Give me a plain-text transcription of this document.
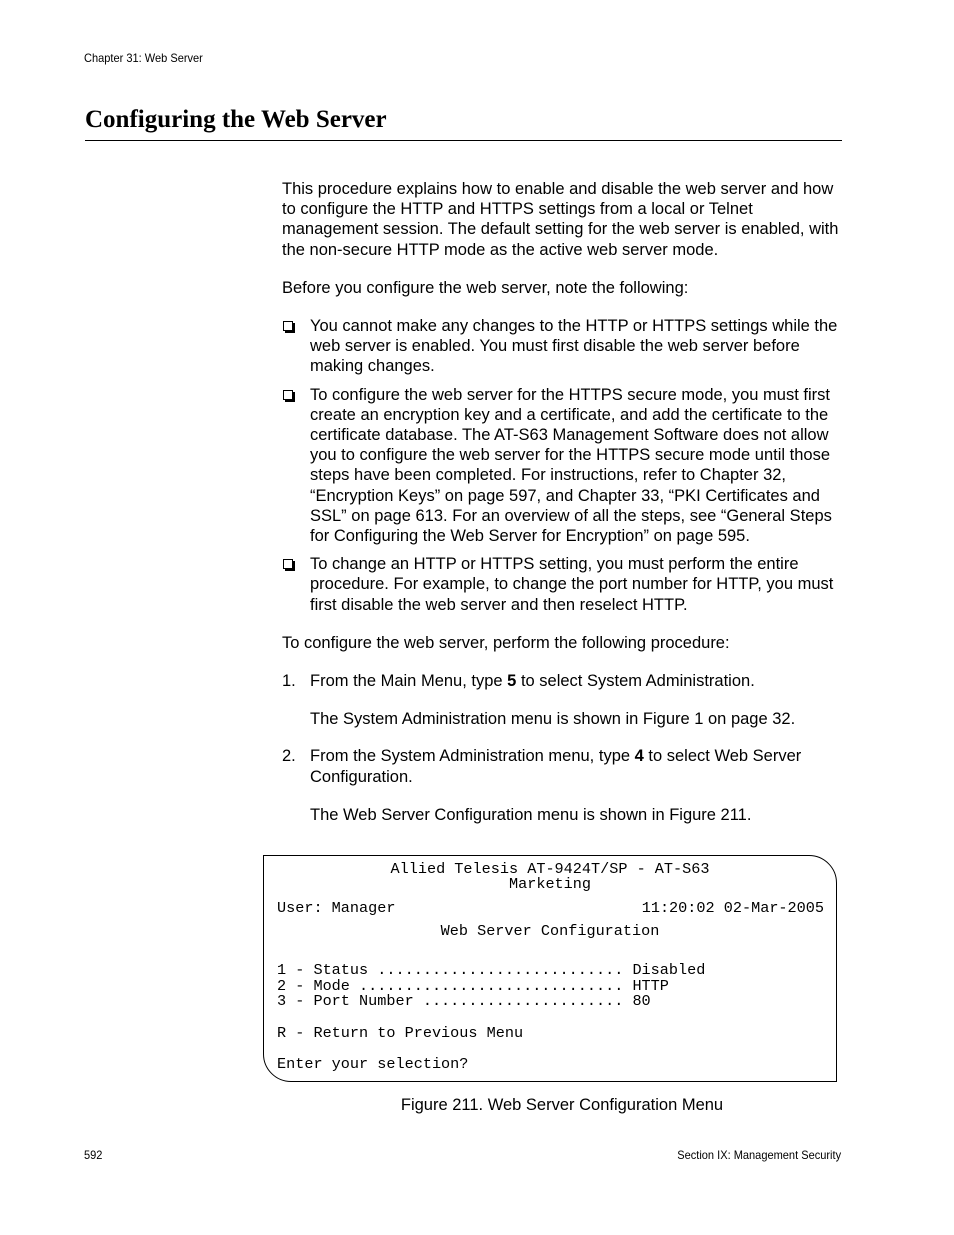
Chapter 31: Web Server
Configuring the Web Server

This procedure explains how to enable and disable the web server and how to configure the HTTP and HTTPS settings from a local or Telnet management session. The default setting for the web server is enabled, with the non-secure HTTP mode as the active web server mode.

Before you configure the web server, note the following:

You cannot make any changes to the HTTP or HTTPS settings while the web server is enabled. You must first disable the web server before making changes.
To configure the web server for the HTTPS secure mode, you must first create an encryption key and a certificate, and add the certificate to the certificate database. The AT-S63 Management Software does not allow you to configure the web server for the HTTPS secure mode until those steps have been completed. For instructions, refer to Chapter 32, “Encryption Keys” on page 597, and Chapter 33, “PKI Certificates and SSL” on page 613. For an overview of all the steps, see “General Steps for Configuring the Web Server for Encryption” on page 595.
To change an HTTP or HTTPS setting, you must perform the entire procedure. For example, to change the port number for HTTP, you must first disable the web server and then reselect HTTP.

To configure the web server, perform the following procedure:

1. From the Main Menu, type 5 to select System Administration.

The System Administration menu is shown in Figure 1 on page 32.

2. From the System Administration menu, type 4 to select Web Server Configuration.

The Web Server Configuration menu is shown in Figure 211.

Allied Telesis AT-9424T/SP - AT-S63
Marketing
User: Manager	11:20:02 02-Mar-2005
Web Server Configuration
1 - Status ........................... Disabled
2 - Mode ............................. HTTP
3 - Port Number ...................... 80
R - Return to Previous Menu
Enter your selection?
Figure 211. Web Server Configuration Menu
592	Section IX: Management Security
